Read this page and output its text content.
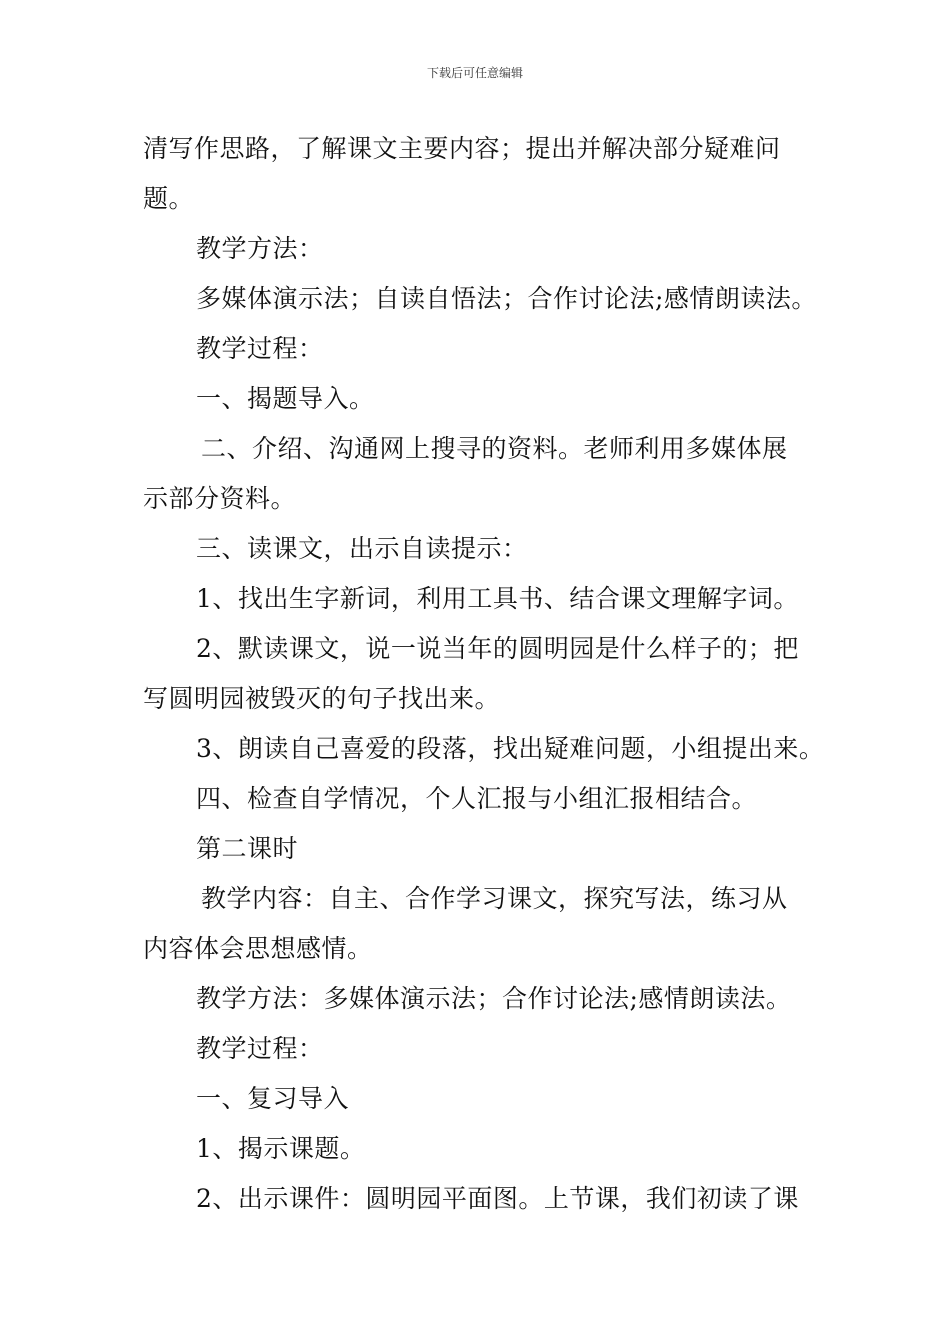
下载后可任意编辑
清写作思路，了解课文主要内容；提出并解决部分疑难问
题。
教学方法：
多媒体演示法；自读自悟法；合作讨论法;感情朗读法。
教学过程：
一、揭题导入。
二、介绍、沟通网上搜寻的资料。老师利用多媒体展
示部分资料。
三、读课文，出示自读提示：
1、找出生字新词，利用工具书、结合课文理解字词。
2、默读课文，说一说当年的圆明园是什么样子的；把
写圆明园被毁灭的句子找出来。
3、朗读自己喜爱的段落，找出疑难问题，小组提出来。
四、检查自学情况，个人汇报与小组汇报相结合。
第二课时
教学内容：自主、合作学习课文，探究写法，练习从
内容体会思想感情。
教学方法：多媒体演示法；合作讨论法;感情朗读法。
教学过程：
一、复习导入
1、揭示课题。
2、出示课件：圆明园平面图。上节课，我们初读了课
